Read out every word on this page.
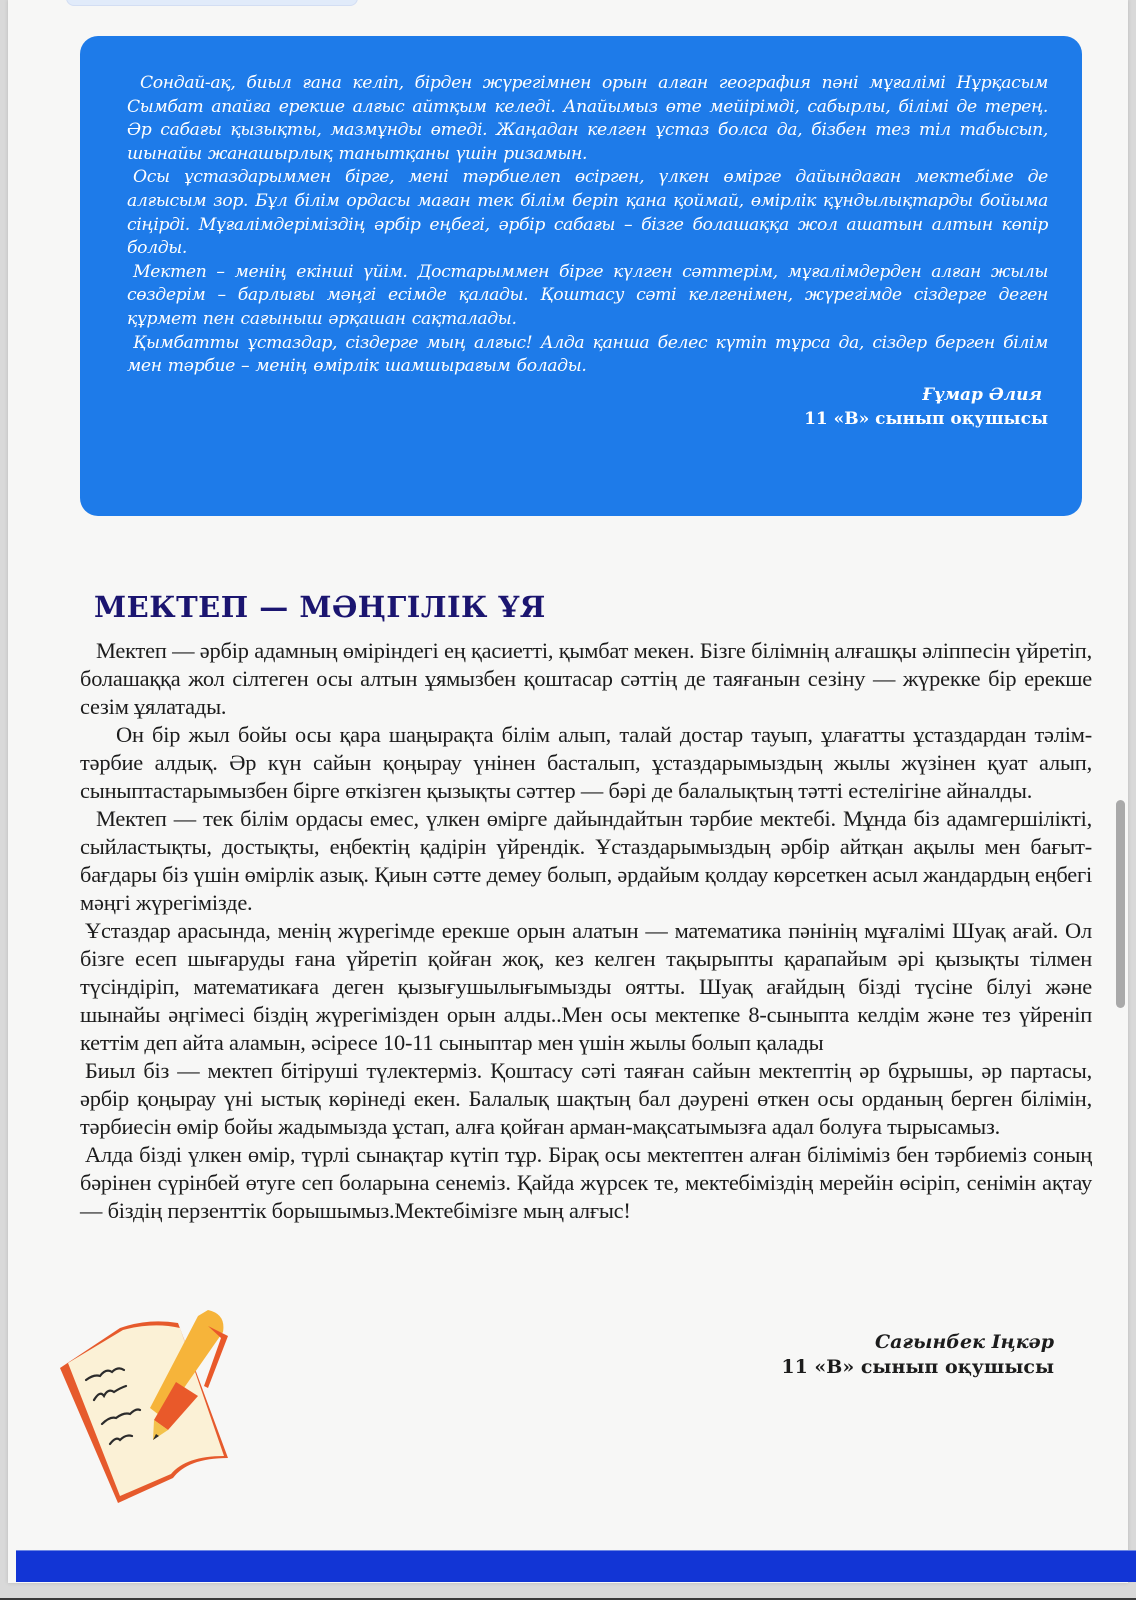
Сондай-ақ, биыл ғана келіп, бірден жүрегімнен орын алған география пәні мұғалімі Нұрқасым Сымбат апайға ерекше алғыс айтқым келеді. Апайымыз өте мейірімді, сабырлы, білімі де терең. Әр сабағы қызықты, мазмұнды өтеді. Жаңадан келген ұстаз болса да, бізбен тез тіл табысып, шынайы жанашырлық танытқаны үшін ризамын.

Осы ұстаздарыммен бірге, мені тәрбиелеп өсірген, үлкен өмірге дайындаған мектебіме де алғысым зор. Бұл білім ордасы маған тек білім беріп қана қоймай, өмірлік құндылықтарды бойыма сіңірді. Мұғалімдеріміздің әрбір еңбегі, әрбір сабағы – бізге болашаққа жол ашатын алтын көпір болды.

Мектеп – менің екінші үйім. Достарыммен бірге күлген сәттерім, мұғалімдерден алған жылы сөздерім – барлығы мәңгі есімде қалады. Қоштасу сәті келгенімен, жүрегімде сіздерге деген құрмет пен сағыныш әрқашан сақталады.

Қымбатты ұстаздар, сіздерге мың алғыс! Алда қанша белес күтіп тұрса да, сіздер берген білім мен тәрбие – менің өмірлік шамшырағым болады.

Ғұмар Әлия
11 «В» сынып оқушысы
МЕКТЕП — МӘҢГІЛІК ҰЯ

Мектеп — әрбір адамның өміріндегі ең қасиетті, қымбат мекен. Бізге білімнің алғашқы әліппесін үйретіп, болашаққа жол сілтеген осы алтын ұямызбен қоштасар сәттің де таяғанын сезіну — жүрекке бір ерекше сезім ұялатады.

Он бір жыл бойы осы қара шаңырақта білім алып, талай достар тауып, ұлағатты ұстаздардан тәлім-тәрбие алдық. Әр күн сайын қоңырау үнінен басталып, ұстаздарымыздың жылы жүзінен қуат алып, сыныптастарымызбен бірге өткізген қызықты сәттер — бәрі де балалықтың тәтті естелігіне айналды.

Мектеп — тек білім ордасы емес, үлкен өмірге дайындайтын тәрбие мектебі. Мұнда біз адамгершілікті, сыйластықты, достықты, еңбектің қадірін үйрендік. Ұстаздарымыздың әрбір айтқан ақылы мен бағыт-бағдары біз үшін өмірлік азық. Қиын сәтте демеу болып, әрдайым қолдау көрсеткен асыл жандардың еңбегі мәңгі жүрегімізде.

Ұстаздар арасында, менің жүрегімде ерекше орын алатын — математика пәнінің мұғалімі Шуақ ағай. Ол бізге есеп шығаруды ғана үйретіп қойған жоқ, кез келген тақырыпты қарапайым әрі қызықты тілмен түсіндіріп, математикаға деген қызығушылығымызды оятты. Шуақ ағайдың бізді түсіне білуі және шынайы әңгімесі біздің жүрегімізден орын алды..Мен осы мектепке 8-сыныпта келдім және тез үйреніп кеттім деп айта аламын, әсіресе 10-11 сыныптар мен үшін жылы болып қалады

Биыл біз — мектеп бітіруші түлектерміз. Қоштасу сәті таяған сайын мектептің әр бұрышы, әр партасы, әрбір қоңырау үні ыстық көрінеді екен. Балалық шақтың бал дәурені өткен осы орданың берген білімін, тәрбиесін өмір бойы жадымызда ұстап, алға қойған арман-мақсатымызға адал болуға тырысамыз.

Алда бізді үлкен өмір, түрлі сынақтар күтіп тұр. Бірақ осы мектептен алған біліміміз бен тәрбиеміз соның бәрінен сүрінбей өтуге сеп боларына сенеміз. Қайда жүрсек те, мектебіміздің мерейін өсіріп, сенімін ақтау — біздің перзенттік борышымыз.Мектебімізге мың алғыс!

Сағынбек Іңкәр
11 «В» сынып оқушысы
